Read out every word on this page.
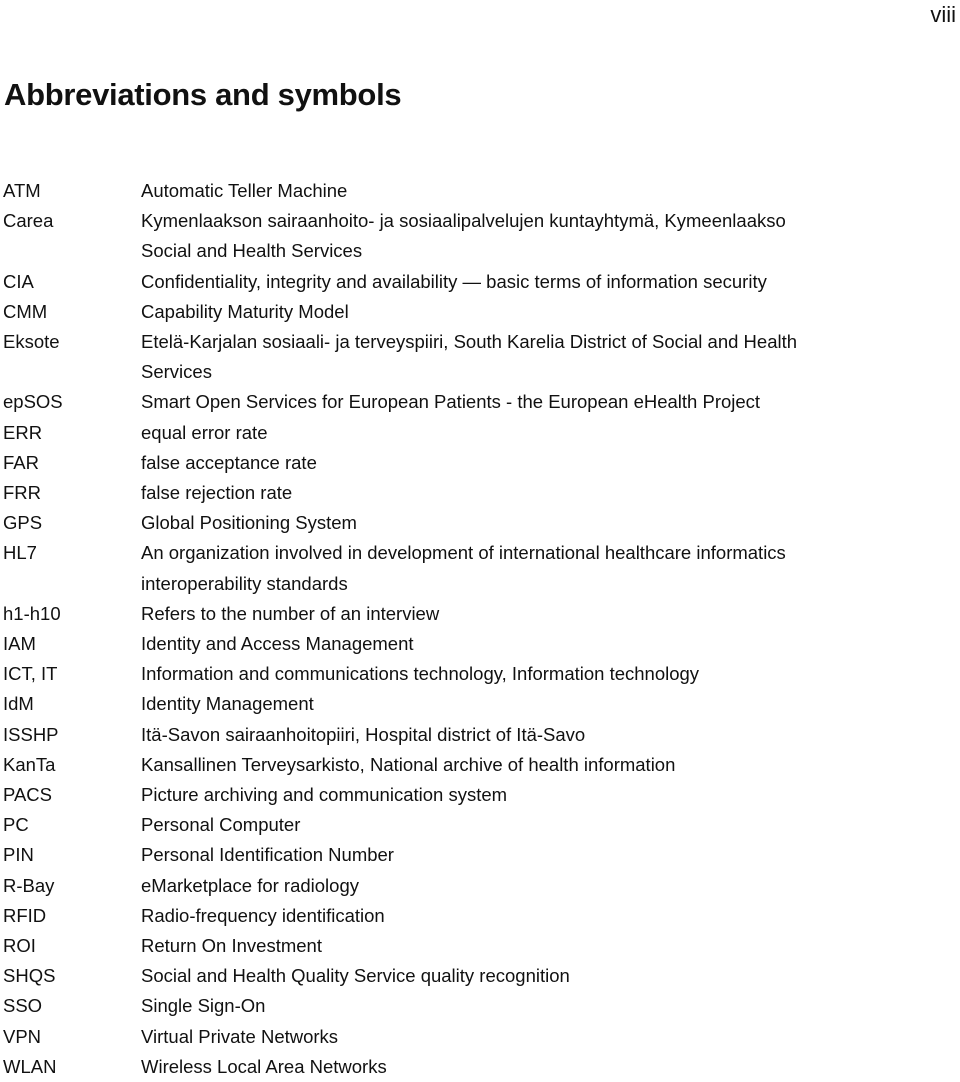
viii
Abbreviations and symbols
ATM	Automatic Teller Machine
Carea	Kymenlaakson sairaanhoito- ja sosiaalipalvelujen kuntayhtymä, Kymeenlaakso
Social and Health Services
CIA	Confidentiality, integrity and availability — basic terms of information security
CMM	Capability Maturity Model
Eksote	Etelä-Karjalan sosiaali- ja terveyspiiri, South Karelia District of Social and Health
Services
epSOS	Smart Open Services for European Patients - the European eHealth Project
ERR	equal error rate
FAR	false acceptance rate
FRR	false rejection rate
GPS	Global Positioning System
HL7	An organization involved in development of international healthcare informatics
interoperability standards
h1-h10	Refers to the number of an interview
IAM	Identity and Access Management
ICT, IT	Information and communications technology, Information technology
IdM	Identity Management
ISSHP	Itä-Savon sairaanhoitopiiri, Hospital district of Itä-Savo
KanTa	Kansallinen Terveysarkisto, National archive of health information
PACS	Picture archiving and communication system
PC	Personal Computer
PIN	Personal Identification Number
R-Bay	eMarketplace for radiology
RFID	Radio-frequency identification
ROI	Return On Investment
SHQS	Social and Health Quality Service quality recognition
SSO	Single Sign-On
VPN	Virtual Private Networks
WLAN	Wireless Local Area Networks
